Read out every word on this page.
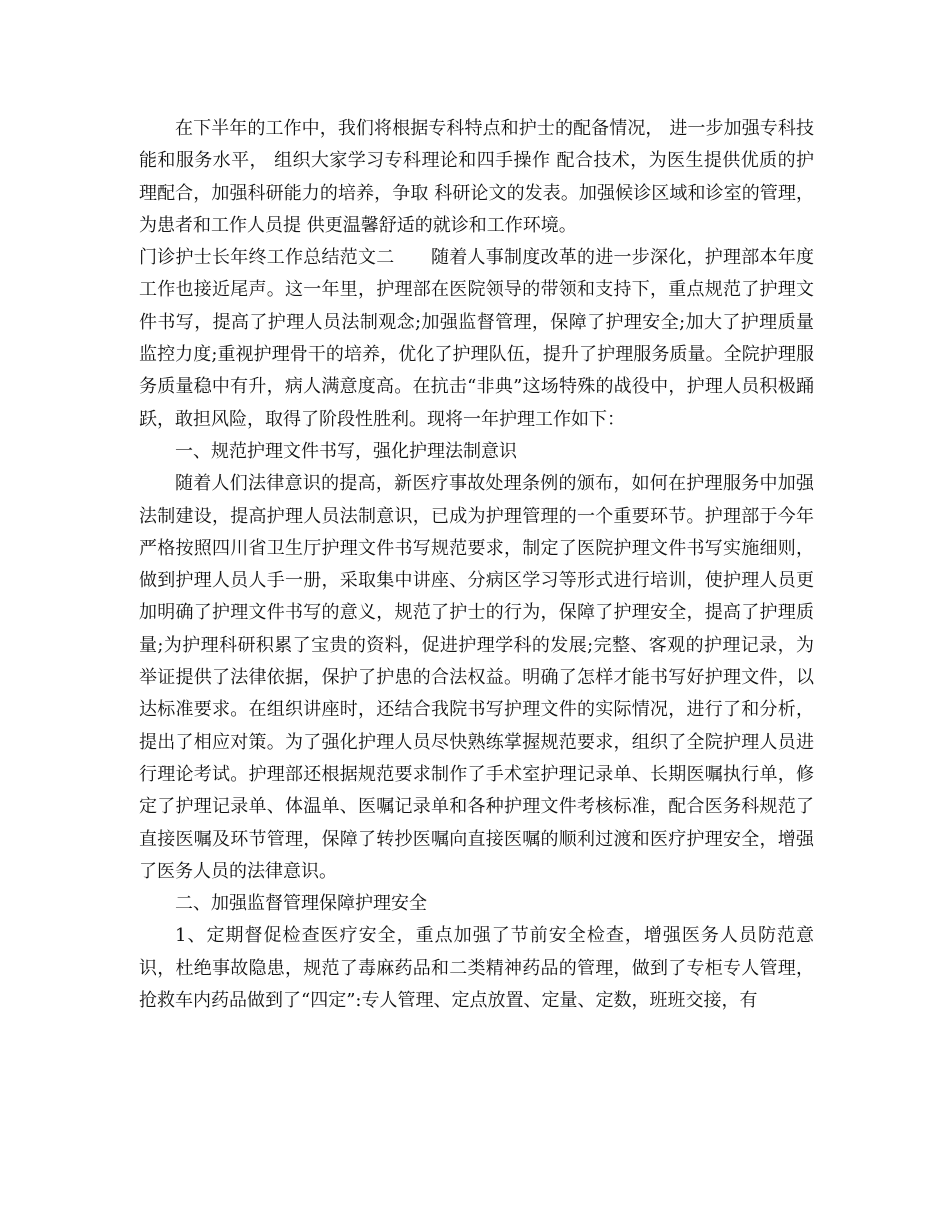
在下半年的工作中，我们将根据专科特点和护士的配备情况， 进一步加强专科技能和服务水平， 组织大家学习专科理论和四手操作 配合技术，为医生提供优质的护理配合，加强科研能力的培养，争取 科研论文的发表。加强候诊区域和诊室的管理，为患者和工作人员提 供更温馨舒适的就诊和工作环境。

门诊护士长年终工作总结范文二　　随着人事制度改革的进一步深化，护理部本年度工作也接近尾声。这一年里，护理部在医院领导的带领和支持下，重点规范了护理文件书写，提高了护理人员法制观念;加强监督管理，保障了护理安全;加大了护理质量监控力度;重视护理骨干的培养，优化了护理队伍，提升了护理服务质量。全院护理服务质量稳中有升，病人满意度高。在抗击“非典”这场特殊的战役中，护理人员积极踊跃，敢担风险，取得了阶段性胜利。现将一年护理工作如下：

一、规范护理文件书写，强化护理法制意识

随着人们法律意识的提高，新医疗事故处理条例的颁布，如何在护理服务中加强法制建设，提高护理人员法制意识，已成为护理管理的一个重要环节。护理部于今年严格按照四川省卫生厅护理文件书写规范要求，制定了医院护理文件书写实施细则，做到护理人员人手一册，采取集中讲座、分病区学习等形式进行培训，使护理人员更加明确了护理文件书写的意义，规范了护士的行为，保障了护理安全，提高了护理质量;为护理科研积累了宝贵的资料，促进护理学科的发展;完整、客观的护理记录，为举证提供了法律依据，保护了护患的合法权益。明确了怎样才能书写好护理文件，以达标准要求。在组织讲座时，还结合我院书写护理文件的实际情况，进行了和分析，提出了相应对策。为了强化护理人员尽快熟练掌握规范要求，组织了全院护理人员进行理论考试。护理部还根据规范要求制作了手术室护理记录单、长期医嘱执行单，修定了护理记录单、体温单、医嘱记录单和各种护理文件考核标准，配合医务科规范了直接医嘱及环节管理，保障了转抄医嘱向直接医嘱的顺利过渡和医疗护理安全，增强了医务人员的法律意识。

二、加强监督管理保障护理安全

1、定期督促检查医疗安全，重点加强了节前安全检查，增强医务人员防范意识，杜绝事故隐患，规范了毒麻药品和二类精神药品的管理，做到了专柜专人管理，抢救车内药品做到了“四定”:专人管理、定点放置、定量、定数，班班交接，有
